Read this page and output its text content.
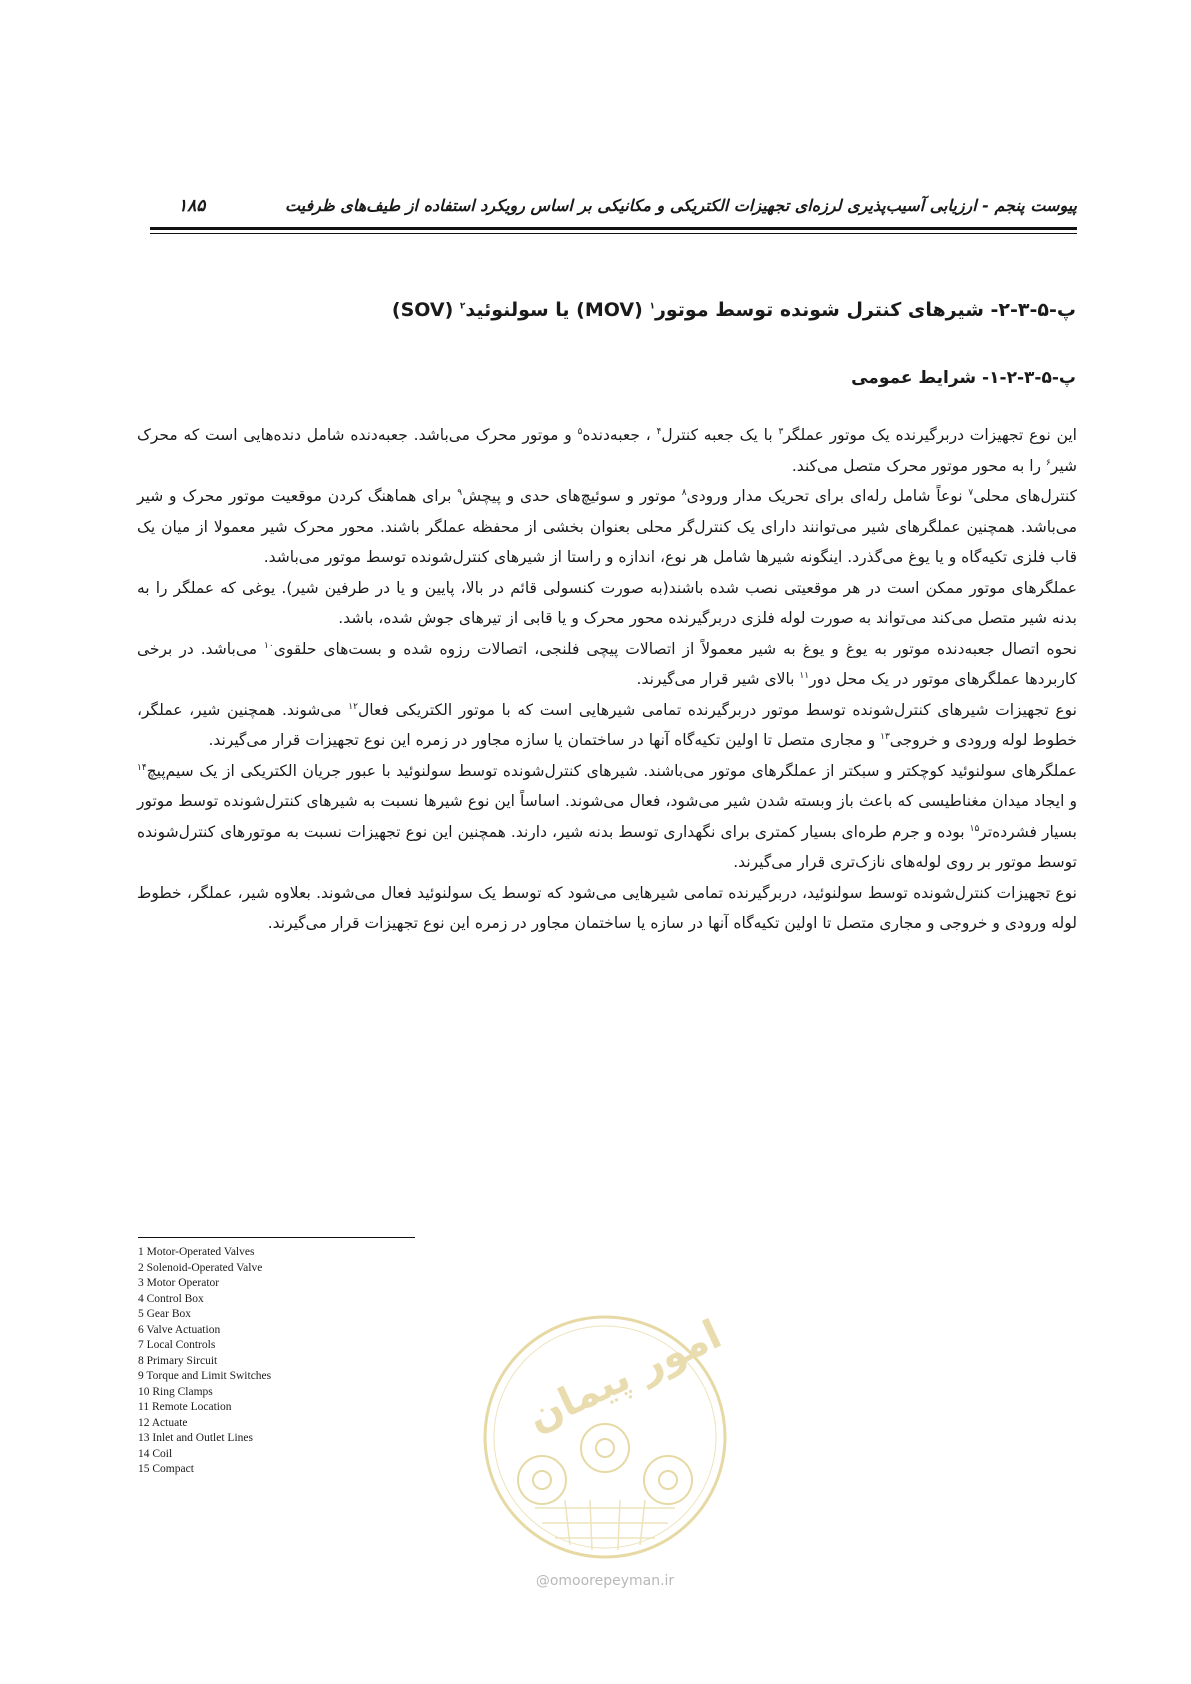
پیوست پنجم - ارزیابی آسیب‌پذیری لرزه‌ای تجهیزات الکتریکی و مکانیکی بر اساس رویکرد استفاده از طیف‌های ظرفیت
۱۸۵
پ-۵-۳-۲- شیرهای کنترل شونده توسط موتور$^۱$ (MOV) یا سولنوئید$^۲$ (SOV)
پ-۵-۳-۲-۱- شرایط عمومی

این نوع تجهیزات دربرگیرنده یک موتور عملگر$^۳$ با یک جعبه کنترل$^۴$ ، جعبه‌دنده$^۵$ و موتور محرک می‌باشد. جعبه‌دنده شامل دنده‌هایی است که محرک شیر$^۶$ را به محور موتور محرک متصل می‌کند.

کنترل‌های محلی$^۷$ نوعاً شامل رله‌ای برای تحریک مدار ورودی$^۸$ موتور و سوئیچ‌های حدی و پیچش$^۹$ برای هماهنگ کردن موقعیت موتور محرک و شیر می‌باشد. همچنین عملگرهای شیر می‌توانند دارای یک کنترل‌گر محلی بعنوان بخشی از محفظه عملگر باشند. محور محرک شیر معمولا از میان یک قاب فلزی تکیه‌گاه و یا یوغ می‌گذرد. اینگونه شیرها شامل هر نوع، اندازه و راستا از شیرهای کنترل‌شونده توسط موتور می‌باشد.

عملگرهای موتور ممکن است در هر موقعیتی نصب شده باشند(به صورت کنسولی قائم در بالا، پایین و یا در طرفین شیر). یوغی که عملگر را به بدنه شیر متصل می‌کند می‌تواند به صورت لوله فلزی دربرگیرنده محور محرک و یا قابی از تیرهای جوش شده، باشد.

نحوه اتصال جعبه‌دنده موتور به یوغ و یوغ به شیر معمولاً از اتصالات پیچی فلنجی، اتصالات رزوه شده و بست‌های حلقوی$^{۱۰}$ می‌باشد. در برخی کاربردها عملگرهای موتور در یک محل دور$^{۱۱}$ بالای شیر قرار می‌گیرند.

نوع تجهیزات شیرهای کنترل‌شونده توسط موتور دربرگیرنده تمامی شیرهایی است که با موتور الکتریکی فعال$^{۱۲}$ می‌شوند. همچنین شیر، عملگر، خطوط لوله ورودی و خروجی$^{۱۳}$ و مجاری متصل تا اولین تکیه‌گاه آنها در ساختمان یا سازه مجاور در زمره این نوع تجهیزات قرار می‌گیرند.

عملگرهای سولنوئید کوچکتر و سبکتر از عملگرهای موتور می‌باشند. شیرهای کنترل‌شونده توسط سولنوئید با عبور جریان الکتریکی از یک سیم‌پیچ$^{۱۴}$ و ایجاد میدان مغناطیسی که باعث باز وبسته شدن شیر می‌شود، فعال می‌شوند. اساساً این نوع شیرها نسبت به شیرهای کنترل‌شونده توسط موتور بسیار فشرده‌تر$^{۱۵}$ بوده و جرم طره‌ای بسیار کمتری برای نگهداری توسط بدنه شیر، دارند. همچنین این نوع تجهیزات نسبت به موتورهای کنترل‌شونده توسط موتور بر روی لوله‌های نازک‌تری قرار می‌گیرند.

نوع تجهیزات کنترل‌شونده توسط سولنوئید، دربرگیرنده تمامی شیرهایی می‌شود که توسط یک سولنوئید فعال می‌شوند. بعلاوه شیر، عملگر، خطوط لوله ورودی و خروجی و مجاری متصل تا اولین تکیه‌گاه آنها در سازه یا ساختمان مجاور در زمره این نوع تجهیزات قرار می‌گیرند.

1 Motor-Operated Valves
2 Solenoid-Operated Valve
3 Motor Operator
4 Control Box
5 Gear Box
6 Valve Actuation
7 Local Controls
8 Primary Sircuit
9 Torque and Limit Switches
10 Ring Clamps
11 Remote Location
12 Actuate
13 Inlet and Outlet Lines
14 Coil
15 Compact
امور پیمان
@omoorepeyman.ir
